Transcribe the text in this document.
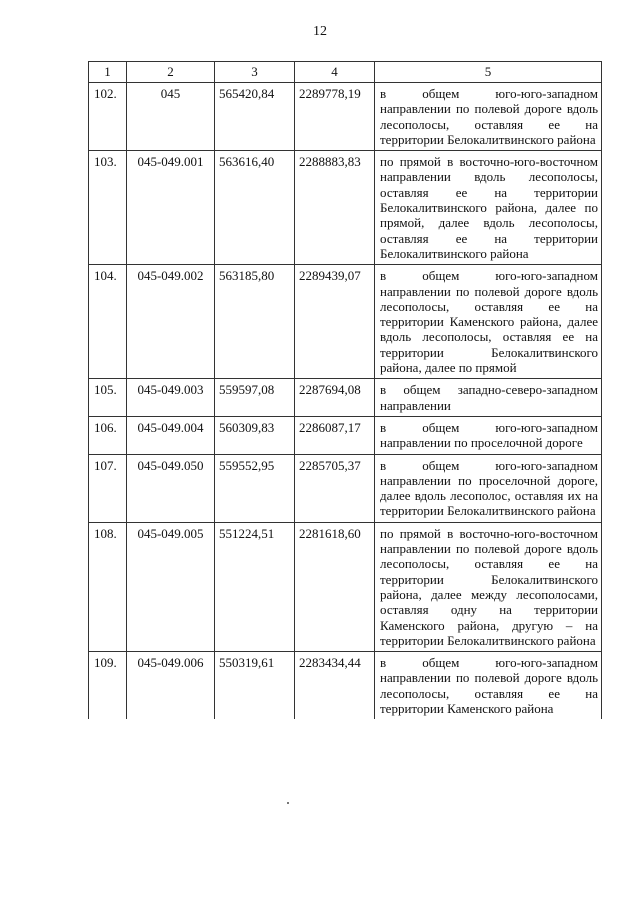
12
1	2	3	4	5
102.	045	565420,84	2289778,19	в общем юго-юго-западном направлении по полевой дороге вдоль лесополосы, оставляя ее на территории Белокалитвинского района
103.	045-049.001	563616,40	2288883,83	по прямой в восточно-юго-восточном направлении вдоль лесополосы, оставляя ее на территории Белокалитвинского района, далее по прямой, далее вдоль лесополосы, оставляя ее на территории Белокалитвинского района
104.	045-049.002	563185,80	2289439,07	в общем юго-юго-западном направлении по полевой дороге вдоль лесополосы, оставляя ее на территории Каменского района, далее вдоль лесополосы, оставляя ее на территории Белокалитвинского района, далее по прямой
105.	045-049.003	559597,08	2287694,08	в общем западно-северо-западном направлении
106.	045-049.004	560309,83	2286087,17	в общем юго-юго-западном направлении по проселочной дороге
107.	045-049.050	559552,95	2285705,37	в общем юго-юго-западном направлении по проселочной дороге, далее вдоль лесополос, оставляя их на территории Белокалитвинского района
108.	045-049.005	551224,51	2281618,60	по прямой в восточно-юго-восточном направлении по полевой дороге вдоль лесополосы, оставляя ее на территории Белокалитвинского района, далее между лесополосами, оставляя одну на территории Каменского района, другую – на территории Белокалитвинского района
109.	045-049.006	550319,61	2283434,44	в общем юго-юго-западном направлении по полевой дороге вдоль лесополосы, оставляя ее на территории Каменского района
